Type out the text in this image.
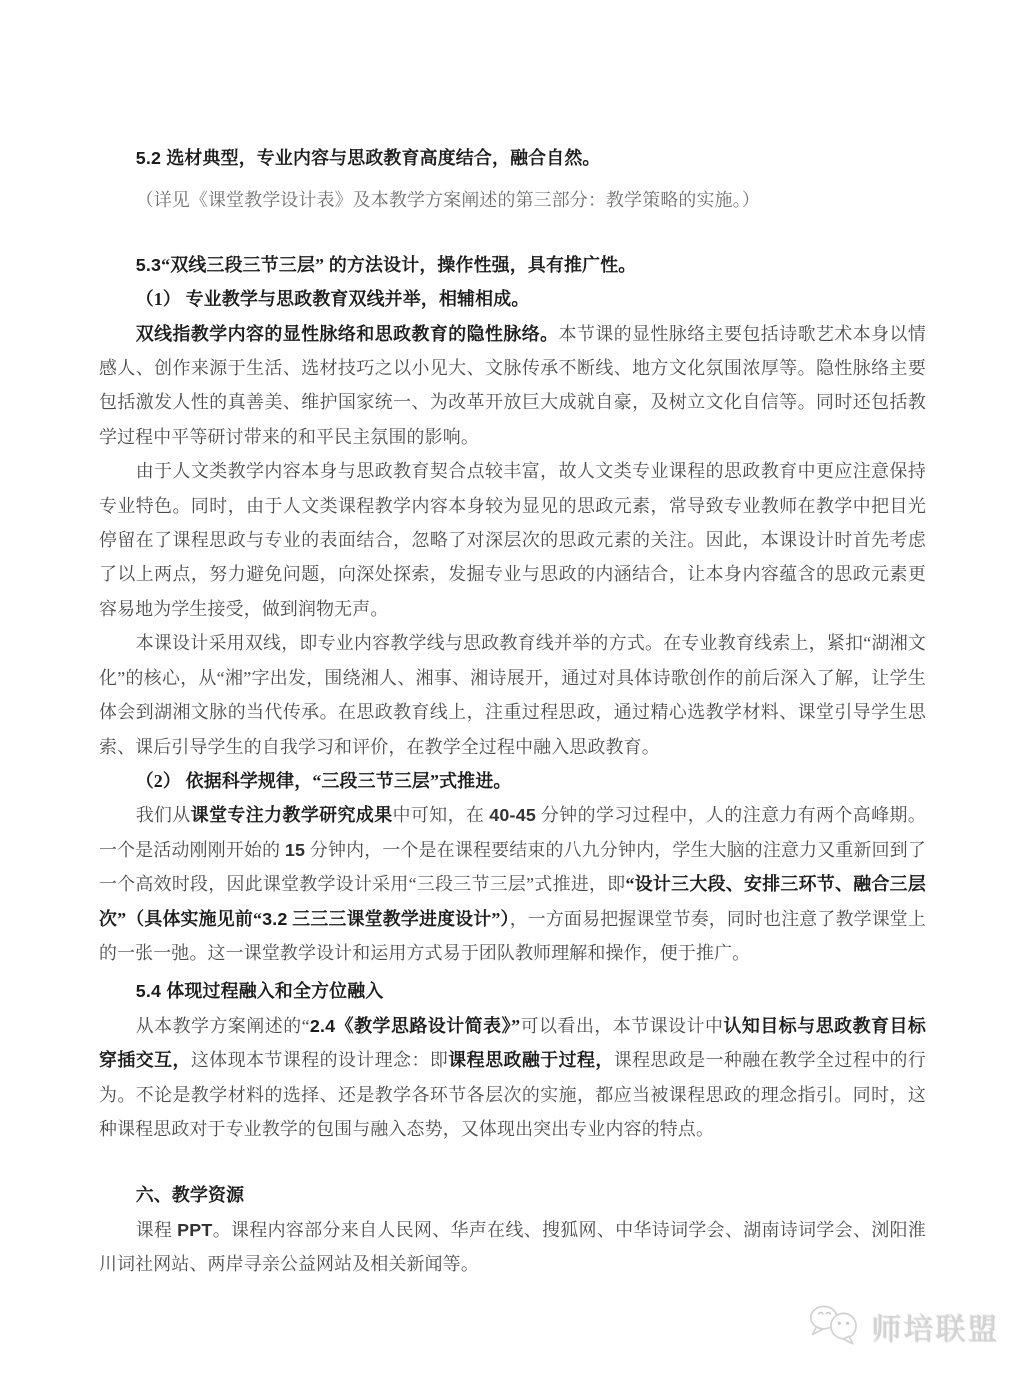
5.2 选材典型，专业内容与思政教育高度结合，融合自然。

（详见《课堂教学设计表》及本教学方案阐述的第三部分：教学策略的实施。）

5.3“双线三段三节三层” 的方法设计，操作性强，具有推广性。

（1） 专业教学与思政教育双线并举，相辅相成。

双线指教学内容的显性脉络和思政教育的隐性脉络。本节课的显性脉络主要包括诗歌艺术本身以情感人、创作来源于生活、选材技巧之以小见大、文脉传承不断线、地方文化氛围浓厚等。隐性脉络主要包括激发人性的真善美、维护国家统一、为改革开放巨大成就自豪，及树立文化自信等。同时还包括教学过程中平等研讨带来的和平民主氛围的影响。

由于人文类教学内容本身与思政教育契合点较丰富，故人文类专业课程的思政教育中更应注意保持专业特色。同时，由于人文类课程教学内容本身较为显见的思政元素，常导致专业教师在教学中把目光停留在了课程思政与专业的表面结合，忽略了对深层次的思政元素的关注。因此，本课设计时首先考虑了以上两点，努力避免问题，向深处探索，发掘专业与思政的内涵结合，让本身内容蕴含的思政元素更容易地为学生接受，做到润物无声。

本课设计采用双线，即专业内容教学线与思政教育线并举的方式。在专业教育线索上，紧扣“湖湘文化”的核心，从“湘”字出发，围绕湘人、湘事、湘诗展开，通过对具体诗歌创作的前后深入了解，让学生体会到湖湘文脉的当代传承。在思政教育线上，注重过程思政，通过精心选教学材料、课堂引导学生思索、课后引导学生的自我学习和评价，在教学全过程中融入思政教育。

（2） 依据科学规律，“三段三节三层”式推进。

我们从课堂专注力教学研究成果中可知，在 40-45 分钟的学习过程中，人的注意力有两个高峰期。一个是活动刚刚开始的 15 分钟内，一个是在课程要结束的八九分钟内，学生大脑的注意力又重新回到了一个高效时段，因此课堂教学设计采用“三段三节三层”式推进，即“设计三大段、安排三环节、融合三层次”（具体实施见前“3.2 三三三课堂教学进度设计”），一方面易把握课堂节奏，同时也注意了教学课堂上的一张一弛。这一课堂教学设计和运用方式易于团队教师理解和操作，便于推广。

5.4 体现过程融入和全方位融入

从本教学方案阐述的“2.4《教学思路设计简表》”可以看出，本节课设计中认知目标与思政教育目标穿插交互，这体现本节课程的设计理念：即课程思政融于过程，课程思政是一种融在教学全过程中的行为。不论是教学材料的选择、还是教学各环节各层次的实施，都应当被课程思政的理念指引。同时，这种课程思政对于专业教学的包围与融入态势，又体现出突出专业内容的特点。

六、教学资源

课程 PPT。课程内容部分来自人民网、华声在线、搜狐网、中华诗词学会、湖南诗词学会、浏阳淮川词社网站、两岸寻亲公益网站及相关新闻等。

师培联盟
